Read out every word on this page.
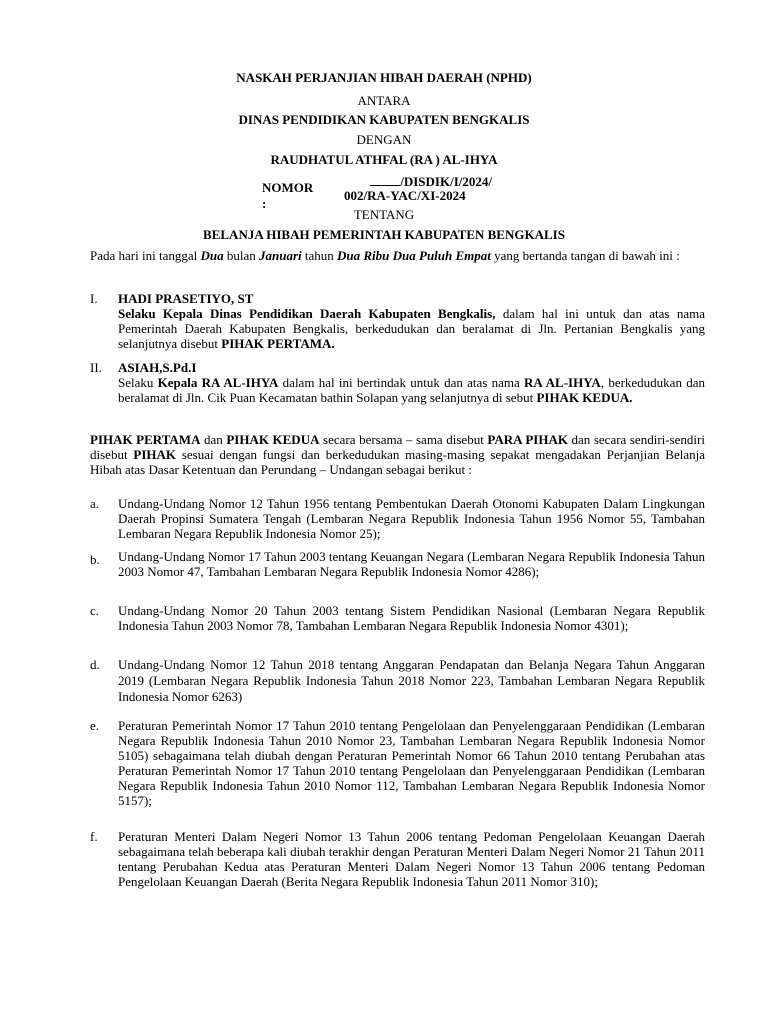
NASKAH PERJANJIAN HIBAH DAERAH (NPHD)
ANTARA
DINAS PENDIDIKAN KABUPATEN BENGKALIS
DENGAN
RAUDHATUL ATHFAL (RA ) AL-IHYA
NOMOR :
/DISDIK/I/2024/
002/RA-YAC/XI-2024
TENTANG
BELANJA HIBAH PEMERINTAH KABUPATEN BENGKALIS
Pada hari ini tanggal Dua bulan Januari tahun Dua Ribu Dua Puluh Empat yang bertanda tangan di bawah ini :
I. HADI PRASETIYO, ST
Selaku Kepala Dinas Pendidikan Daerah Kabupaten Bengkalis, dalam hal ini untuk dan atas nama Pemerintah Daerah Kabupaten Bengkalis, berkedudukan dan beralamat di Jln. Pertanian Bengkalis yang selanjutnya disebut PIHAK PERTAMA.
II. ASIAH,S.Pd.I
Selaku Kepala RA AL-IHYA dalam hal ini bertindak untuk dan atas nama RA AL-IHYA, berkedudukan dan beralamat di Jln. Cik Puan Kecamatan bathin Solapan yang selanjutnya di sebut PIHAK KEDUA.
PIHAK PERTAMA dan PIHAK KEDUA secara bersama – sama disebut PARA PIHAK dan secara sendiri-sendiri disebut PIHAK sesuai dengan fungsi dan berkedudukan masing-masing sepakat mengadakan Perjanjian Belanja Hibah atas Dasar Ketentuan dan Perundang – Undangan sebagai berikut :
a. Undang-Undang Nomor 12 Tahun 1956 tentang Pembentukan Daerah Otonomi Kabupaten Dalam Lingkungan Daerah Propinsi Sumatera Tengah (Lembaran Negara Republik Indonesia Tahun 1956 Nomor 55, Tambahan Lembaran Negara Republik Indonesia Nomor 25);
b. Undang-Undang Nomor 17 Tahun 2003 tentang Keuangan Negara (Lembaran Negara Republik Indonesia Tahun 2003 Nomor 47, Tambahan Lembaran Negara Republik Indonesia Nomor 4286);
c. Undang-Undang Nomor 20 Tahun 2003 tentang Sistem Pendidikan Nasional (Lembaran Negara Republik Indonesia Tahun 2003 Nomor 78, Tambahan Lembaran Negara Republik Indonesia Nomor 4301);
d. Undang-Undang Nomor 12 Tahun 2018 tentang Anggaran Pendapatan dan Belanja Negara Tahun Anggaran 2019 (Lembaran Negara Republik Indonesia Tahun 2018 Nomor 223, Tambahan Lembaran Negara Republik Indonesia Nomor 6263)
e. Peraturan Pemerintah Nomor 17 Tahun 2010 tentang Pengelolaan dan Penyelenggaraan Pendidikan (Lembaran Negara Republik Indonesia Tahun 2010 Nomor 23, Tambahan Lembaran Negara Republik Indonesia Nomor 5105) sebagaimana telah diubah dengan Peraturan Pemerintah Nomor 66 Tahun 2010 tentang Perubahan atas Peraturan Pemerintah Nomor 17 Tahun 2010 tentang Pengelolaan dan Penyelenggaraan Pendidikan (Lembaran Negara Republik Indonesia Tahun 2010 Nomor 112, Tambahan Lembaran Negara Republik Indonesia Nomor 5157);
f. Peraturan Menteri Dalam Negeri Nomor 13 Tahun 2006 tentang Pedoman Pengelolaan Keuangan Daerah sebagaimana telah beberapa kali diubah terakhir dengan Peraturan Menteri Dalam Negeri Nomor 21 Tahun 2011 tentang Perubahan Kedua atas Peraturan Menteri Dalam Negeri Nomor 13 Tahun 2006 tentang Pedoman Pengelolaan Keuangan Daerah (Berita Negara Republik Indonesia Tahun 2011 Nomor 310);
